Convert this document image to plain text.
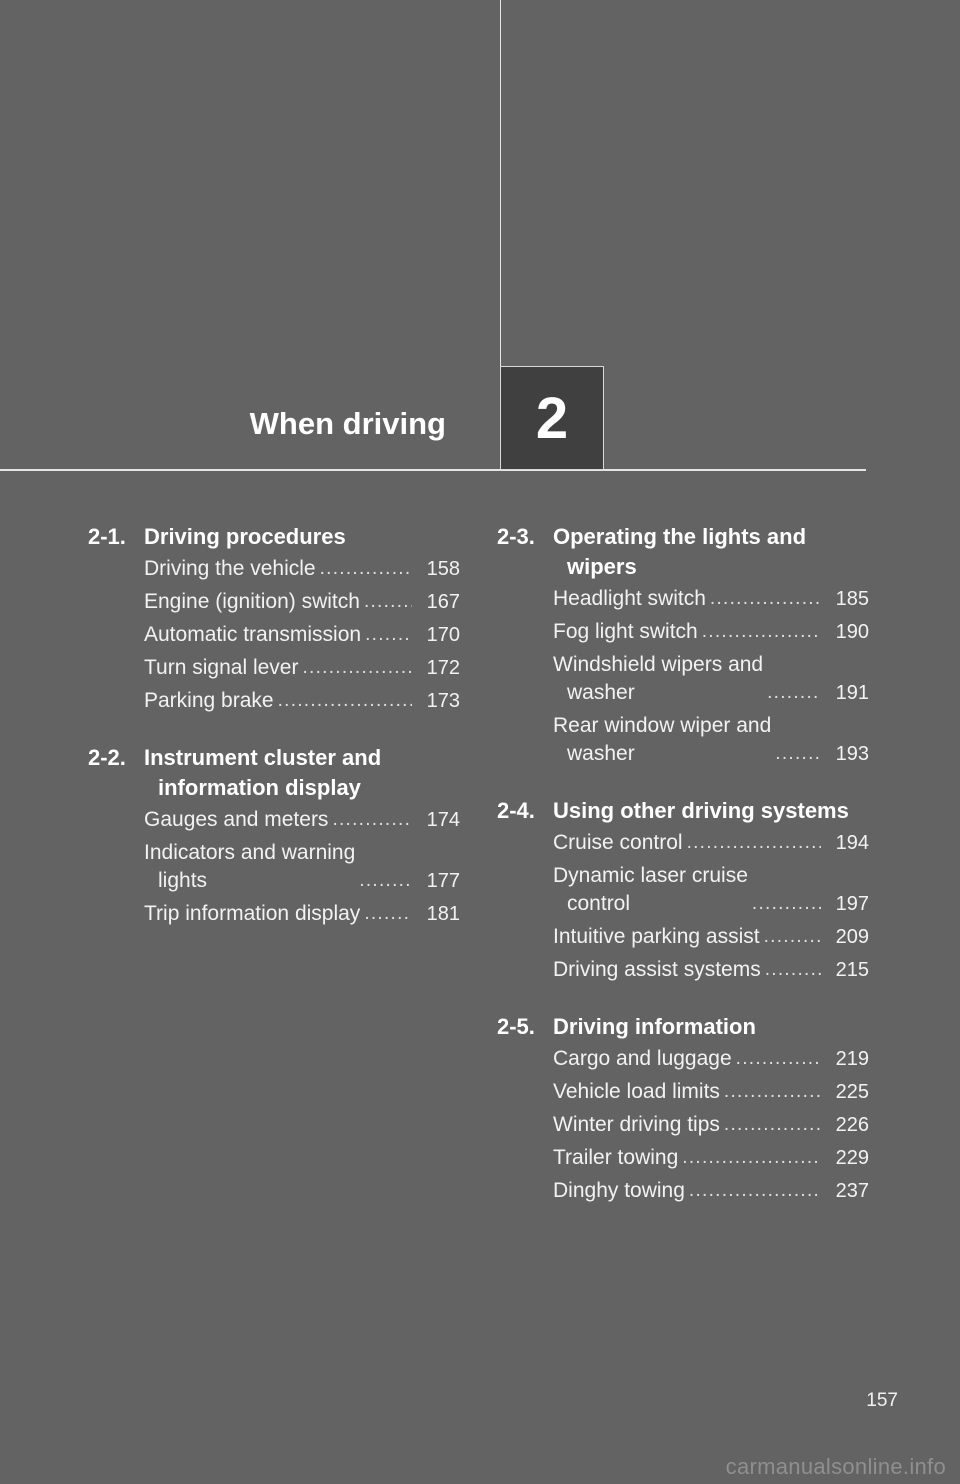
When driving 2
2-1. Driving procedures
Driving the vehicle . . .	158
Engine (ignition) switch . . .	167
Automatic transmission . . .	170
Turn signal lever . . .	172
Parking brake . . .	173
2-2. Instrument cluster and
information display
Gauges and meters . . .	174
Indicators and warning
lights . . .	177
Trip information display . . .	181
2-3. Operating the lights and
wipers
Headlight switch . . .	185
Fog light switch . . .	190
Windshield wipers and
washer . . .	191
Rear window wiper and
washer . . .	193
2-4. Using other driving systems
Cruise control . . .	194
Dynamic laser cruise
control . . .	197
Intuitive parking assist . . .	209
Driving assist systems . . .	215
2-5. Driving information
Cargo and luggage . . .	219
Vehicle load limits . . .	225
Winter driving tips . . .	226
Trailer towing . . .	229
Dinghy towing . . .	237
157
carmanualsonline.info
